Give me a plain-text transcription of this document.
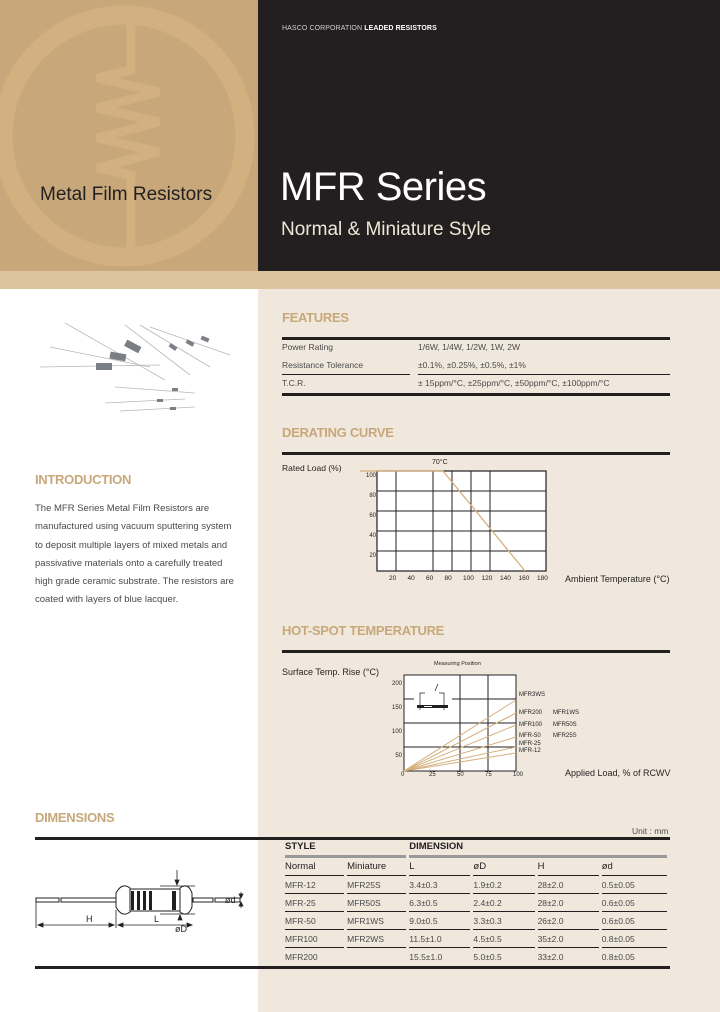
HASCO CORPORATION LEADED RESISTORS
Metal Film Resistors MFR Series
Normal & Miniature Style
INTRODUCTION
The MFR Series Metal Film Resistors are
manufactured using vacuum sputtering system
to deposit multiple layers of mixed metals and
passivative materials onto a carefully treated
high grade ceramic substrate. The resistors are
coated with layers of blue lacquer.
FEATURES
Power Rating	1/6W, 1/4W, 1/2W, 1W, 2W
Resistance Tolerance	±0.1%, ±0.25%, ±0.5%, ±1%
T.C.R.	± 15ppm/°C, ±25ppm/°C, ±50ppm/°C, ±100ppm/°C
DERATING CURVE
Rated Load (%)
Ambient Temperature (°C)
70°C
100
80
60
40
20
20	40	60	80	100	120	140	160	180
HOT-SPOT TEMPERATURE
Surface Temp. Rise (°C)
Measuring Position
Applied Load, % of RCWV
200
150
100
50
0	25	50	75	100
MFR3WS
MFR200 MFR1WS
MFR100 MFR50S
MFR-50 MFR25S
MFR-25
MFR-12
DIMENSIONS
Unit : mm
H	L
øD
ød
STYLE		DIMENSION			
Normal	Miniature	L	øD	H	ød
MFR-12	MFR25S	3.4±0.3	1.9±0.2	28±2.0	0.5±0.05
MFR-25	MFR50S	6.3±0.5	2.4±0.2	28±2.0	0.6±0.05
MFR-50	MFR1WS	9.0±0.5	3.3±0.3	26±2.0	0.6±0.05
MFR100	MFR2WS	11.5±1.0	4.5±0.5	35±2.0	0.8±0.05
MFR200		15.5±1.0	5.0±0.5	33±2.0	0.8±0.05
